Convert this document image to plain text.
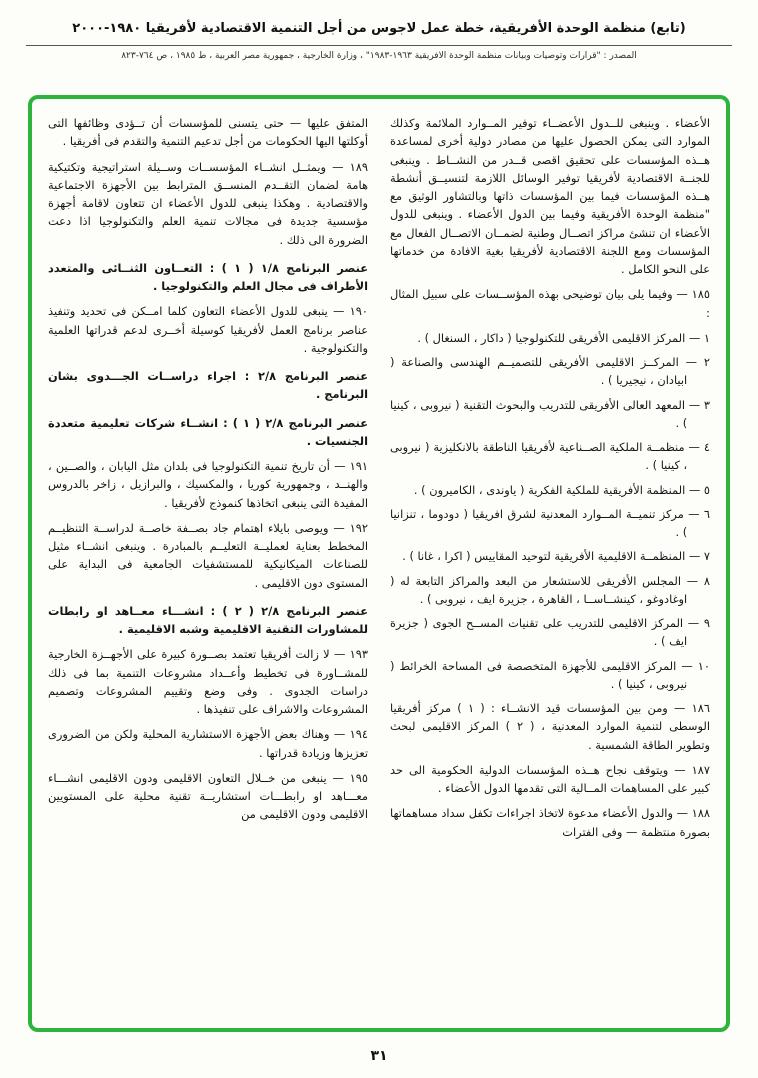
(تابع) منظمة الوحدة الأفريقية، خطة عمل لاجوس من أجل التنمية الاقتصادية لأفريقيا ١٩٨٠-٢٠٠٠
المصدر : "قرارات وتوصيات وبيانات منظمة الوحدة الأفريقية ١٩٦٣-١٩٨٣" ، وزارة الخارجية ، جمهورية مصر العربية ، ط ١٩٨٥ ، ص ٧٦٤-٨٢٣

الأعضاء . وينبغى للــدول الأعضــاء توفير المــوارد الملائمة وكذلك الموارد التى يمكن الحصول عليها من مصادر دولية أخرى لمساعدة هــذه المؤسسات على تحقيق اقصى قــدر من النشــاط . وينبغى للجنــة الاقتصادية لأفريقيا توفير الوسائل اللازمة لتنسيــق أنشطة هــذه المؤسسات فيما بين المؤسسات ذاتها وبالتشاور الوثيق مع "منظمة الوحدة الأفريقية وفيما بين الدول الأعضاء . وينبغى للدول الأعضاء ان تنشئ مراكز اتصــال وطنية لضمــان الاتصــال الفعال مع المؤسسات ومع اللجنة الاقتصادية لأفريقيا بغية الافادة من خدماتها على النحو الكامل .

١٨٥ — وفيما يلى بيان توضيحى بهذه المؤســسات على سبيل المثال :

١ — المركز الاقليمى الأفريقى للتكنولوجيا ( داكار ، السنغال ) .

٢ — المركــز الاقليمى الأفريقى للتصميــم الهندسى والصناعة ( ابيادان ، نيجيريا ) .

٣ — المعهد العالى الأفريقى للتدريب والبحوث التقنية ( نيروبى ، كينيا ) .

٤ — منظمــة الملكية الصــناعية لأفريقيا الناطقة بالانكليزية ( نيروبى ، كينيا ) .

٥ — المنظمة الأفريقية للملكية الفكرية ( ياوندى ، الكاميرون ) .

٦ — مركز تنميــة المــوارد المعدنية لشرق افريقيا ( دودوما ، تنزانيا ) .

٧ — المنظمــة الاقليمية الأفريقية لتوحيد المقاييس ( اكرا ، غانا ) .

٨ — المجلس الأفريقى للاستشعار من البعد والمراكز التابعة له ( اوغادوغو ، كينشــاســا ، القاهرة ، جزيرة ايف ، نيروبى ) .

٩ — المركز الاقليمى للتدريب على تقنيات المســح الجوى ( جزيرة ايف ) .

١٠ — المركز الاقليمى للأجهزة المتخصصة فى المساحة الخرائط ( نيروبى ، كينيا ) .

١٨٦ — ومن بين المؤسسات قيد الانشــاء : ( ١ ) مركز أفريقيا الوسطى لتنمية الموارد المعدنية ، ( ٢ ) المركز الاقليمى لبحث وتطوير الطاقة الشمسية .

١٨٧ — ويتوقف نجاح هــذه المؤسسات الدولية الحكومية الى حد كبير على المساهمات المــالية التى تقدمها الدول الأعضاء .

١٨٨ — والدول الأعضاء مدعوة لاتخاذ اجراءات تكفل سداد مساهماتها بصورة منتظمة — وفى الفترات

المتفق عليها — حتى يتسنى للمؤسسات أن تــؤدى وظائفها التى أوكلتها اليها الحكومات من أجل تدعيم التنمية والتقدم فى أفريقيا .

١٨٩ — ويمثــل انشــاء المؤسســات وســيلة استراتيجية وتكتيكية هامة لضمان التقــدم المنســق المترابط بين الأجهزة الاجتماعية والاقتصادية . وهكذا ينبغى للدول الأعضاء ان تتعاون لاقامة أجهزة مؤسسية جديدة فى مجالات تنمية العلم والتكنولوجيا اذا دعت الضرورة الى ذلك .

عنصر البرنامج ١/٨ ( ١ ) : التعــاون الثنــائى والمتعدد الأطراف فى مجال العلم والتكنولوجيا .

١٩٠ — ينبغى للدول الأعضاء التعاون كلما امــكن فى تحديد وتنفيذ عناصر برنامج العمل لأفريقيا كوسيلة أخــرى لدعم قدراتها العلمية والتكنولوجية .

عنصر البرنامج ٢/٨ : اجراء دراســات الجـــدوى بشان البرنامج .

عنصر البرنامج ٢/٨ ( ١ ) : انشــاء شركات تعليمية متعددة الجنسيات .

١٩١ — أن تاريخ تنمية التكنولوجيا فى بلدان مثل اليابان ، والصــين ، والهنــد ، وجمهورية كوريا ، والمكسيك ، والبرازيل ، زاخر بالدروس المفيدة التى ينبغى اتخاذها كنموذج لأفريقيا .

١٩٢ — ويوصى بايلاء اهتمام جاد بصــفة خاصــة لدراســة التنظيــم المخطط بعناية لعمليــة التعليــم بالمبادرة . وينبغى انشــاء مثيل للصناعات الميكانيكية للمستشفيات الجامعية فى البداية على المستوى دون الاقليمى .

عنصر البرنامج ٢/٨ ( ٢ ) : انشـــاء معــاهد او رابطات للمشاورات التقنية الاقليمية وشبه الاقليمية .

١٩٣ — لا زالت أفريقيا تعتمد بصــورة كبيرة على الأجهــزة الخارجية للمشــاورة فى تخطيط وأعــداد مشروعات التنمية بما فى ذلك دراسات الجدوى . وفى وضع وتقييم المشروعات وتصميم المشروعات والاشراف على تنفيذها .

١٩٤ — وهناك بعض الأجهزة الاستشارية المحلية ولكن من الضرورى تعزيزها وزيادة قدراتها .

١٩٥ — ينبغى من خــلال التعاون الاقليمى ودون الاقليمى انشـــاء معـــاهد او رابطـــات استشاريــة تقنية محلية على المستويين الاقليمى ودون الاقليمى من

٣١
